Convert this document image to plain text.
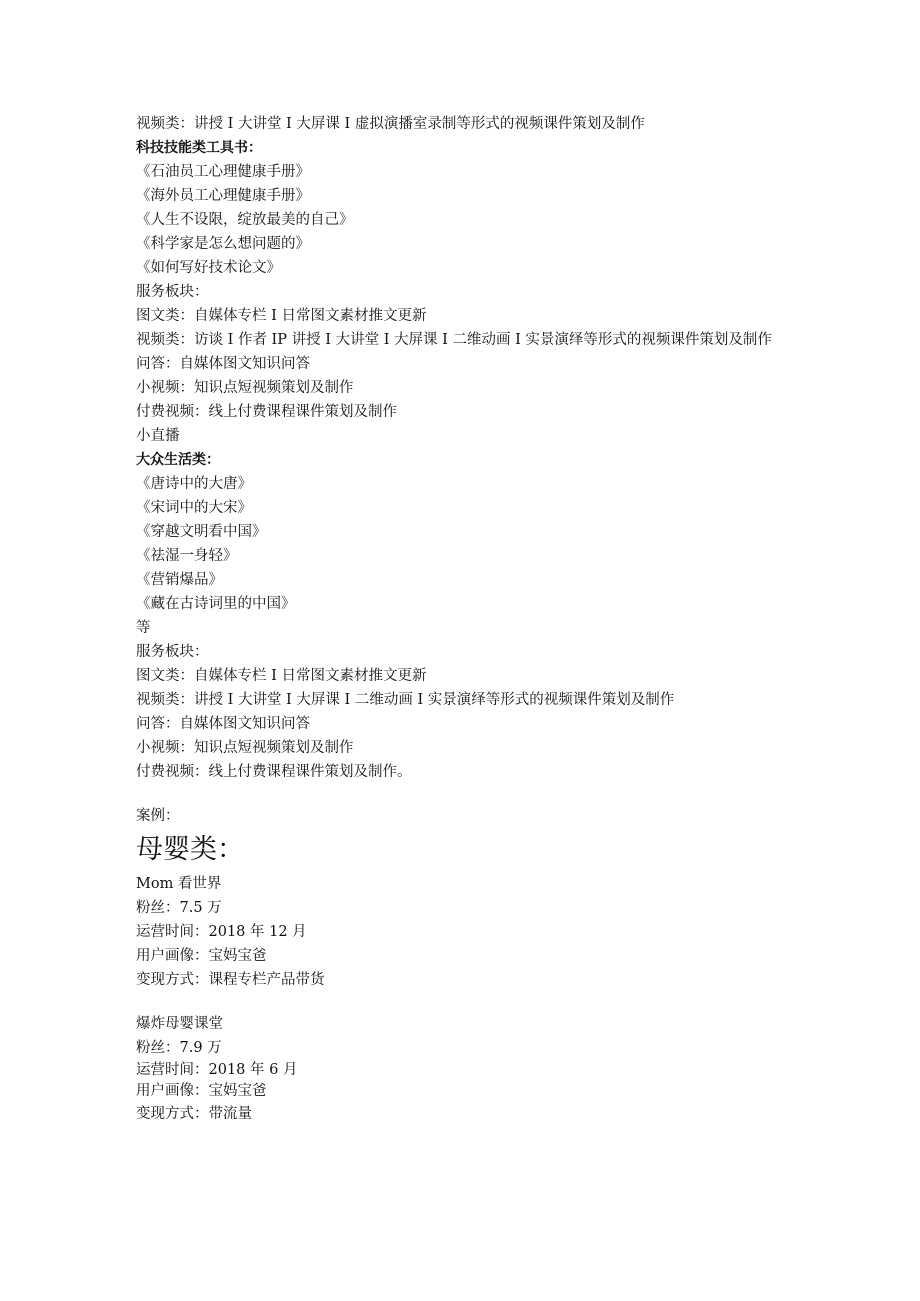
视频类：讲授 I 大讲堂 I 大屏课 I 虚拟演播室录制等形式的视频课件策划及制作
科技技能类工具书：
《石油员工心理健康手册》
《海外员工心理健康手册》
《人生不设限，绽放最美的自己》
《科学家是怎么想问题的》
《如何写好技术论文》
服务板块：
图文类：自媒体专栏 I 日常图文素材推文更新
视频类：访谈 I 作者 IP 讲授 I 大讲堂 I 大屏课 I 二维动画 I 实景演绎等形式的视频课件策划及制作
问答：自媒体图文知识问答
小视频：知识点短视频策划及制作
付费视频：线上付费课程课件策划及制作
小直播
大众生活类：
《唐诗中的大唐》
《宋词中的大宋》
《穿越文明看中国》
《祛湿一身轻》
《营销爆品》
《藏在古诗词里的中国》
等
服务板块：
图文类：自媒体专栏 I 日常图文素材推文更新
视频类：讲授 I 大讲堂 I 大屏课 I 二维动画 I 实景演绎等形式的视频课件策划及制作
问答：自媒体图文知识问答
小视频：知识点短视频策划及制作
付费视频：线上付费课程课件策划及制作。
案例：
母婴类：
Mom 看世界
粉丝：7.5 万
运营时间：2018 年 12 月
用户画像：宝妈宝爸
变现方式：课程专栏产品带货
爆炸母婴课堂
粉丝：7.9 万
运营时间：2018 年 6 月
用户画像：宝妈宝爸
变现方式：带流量
